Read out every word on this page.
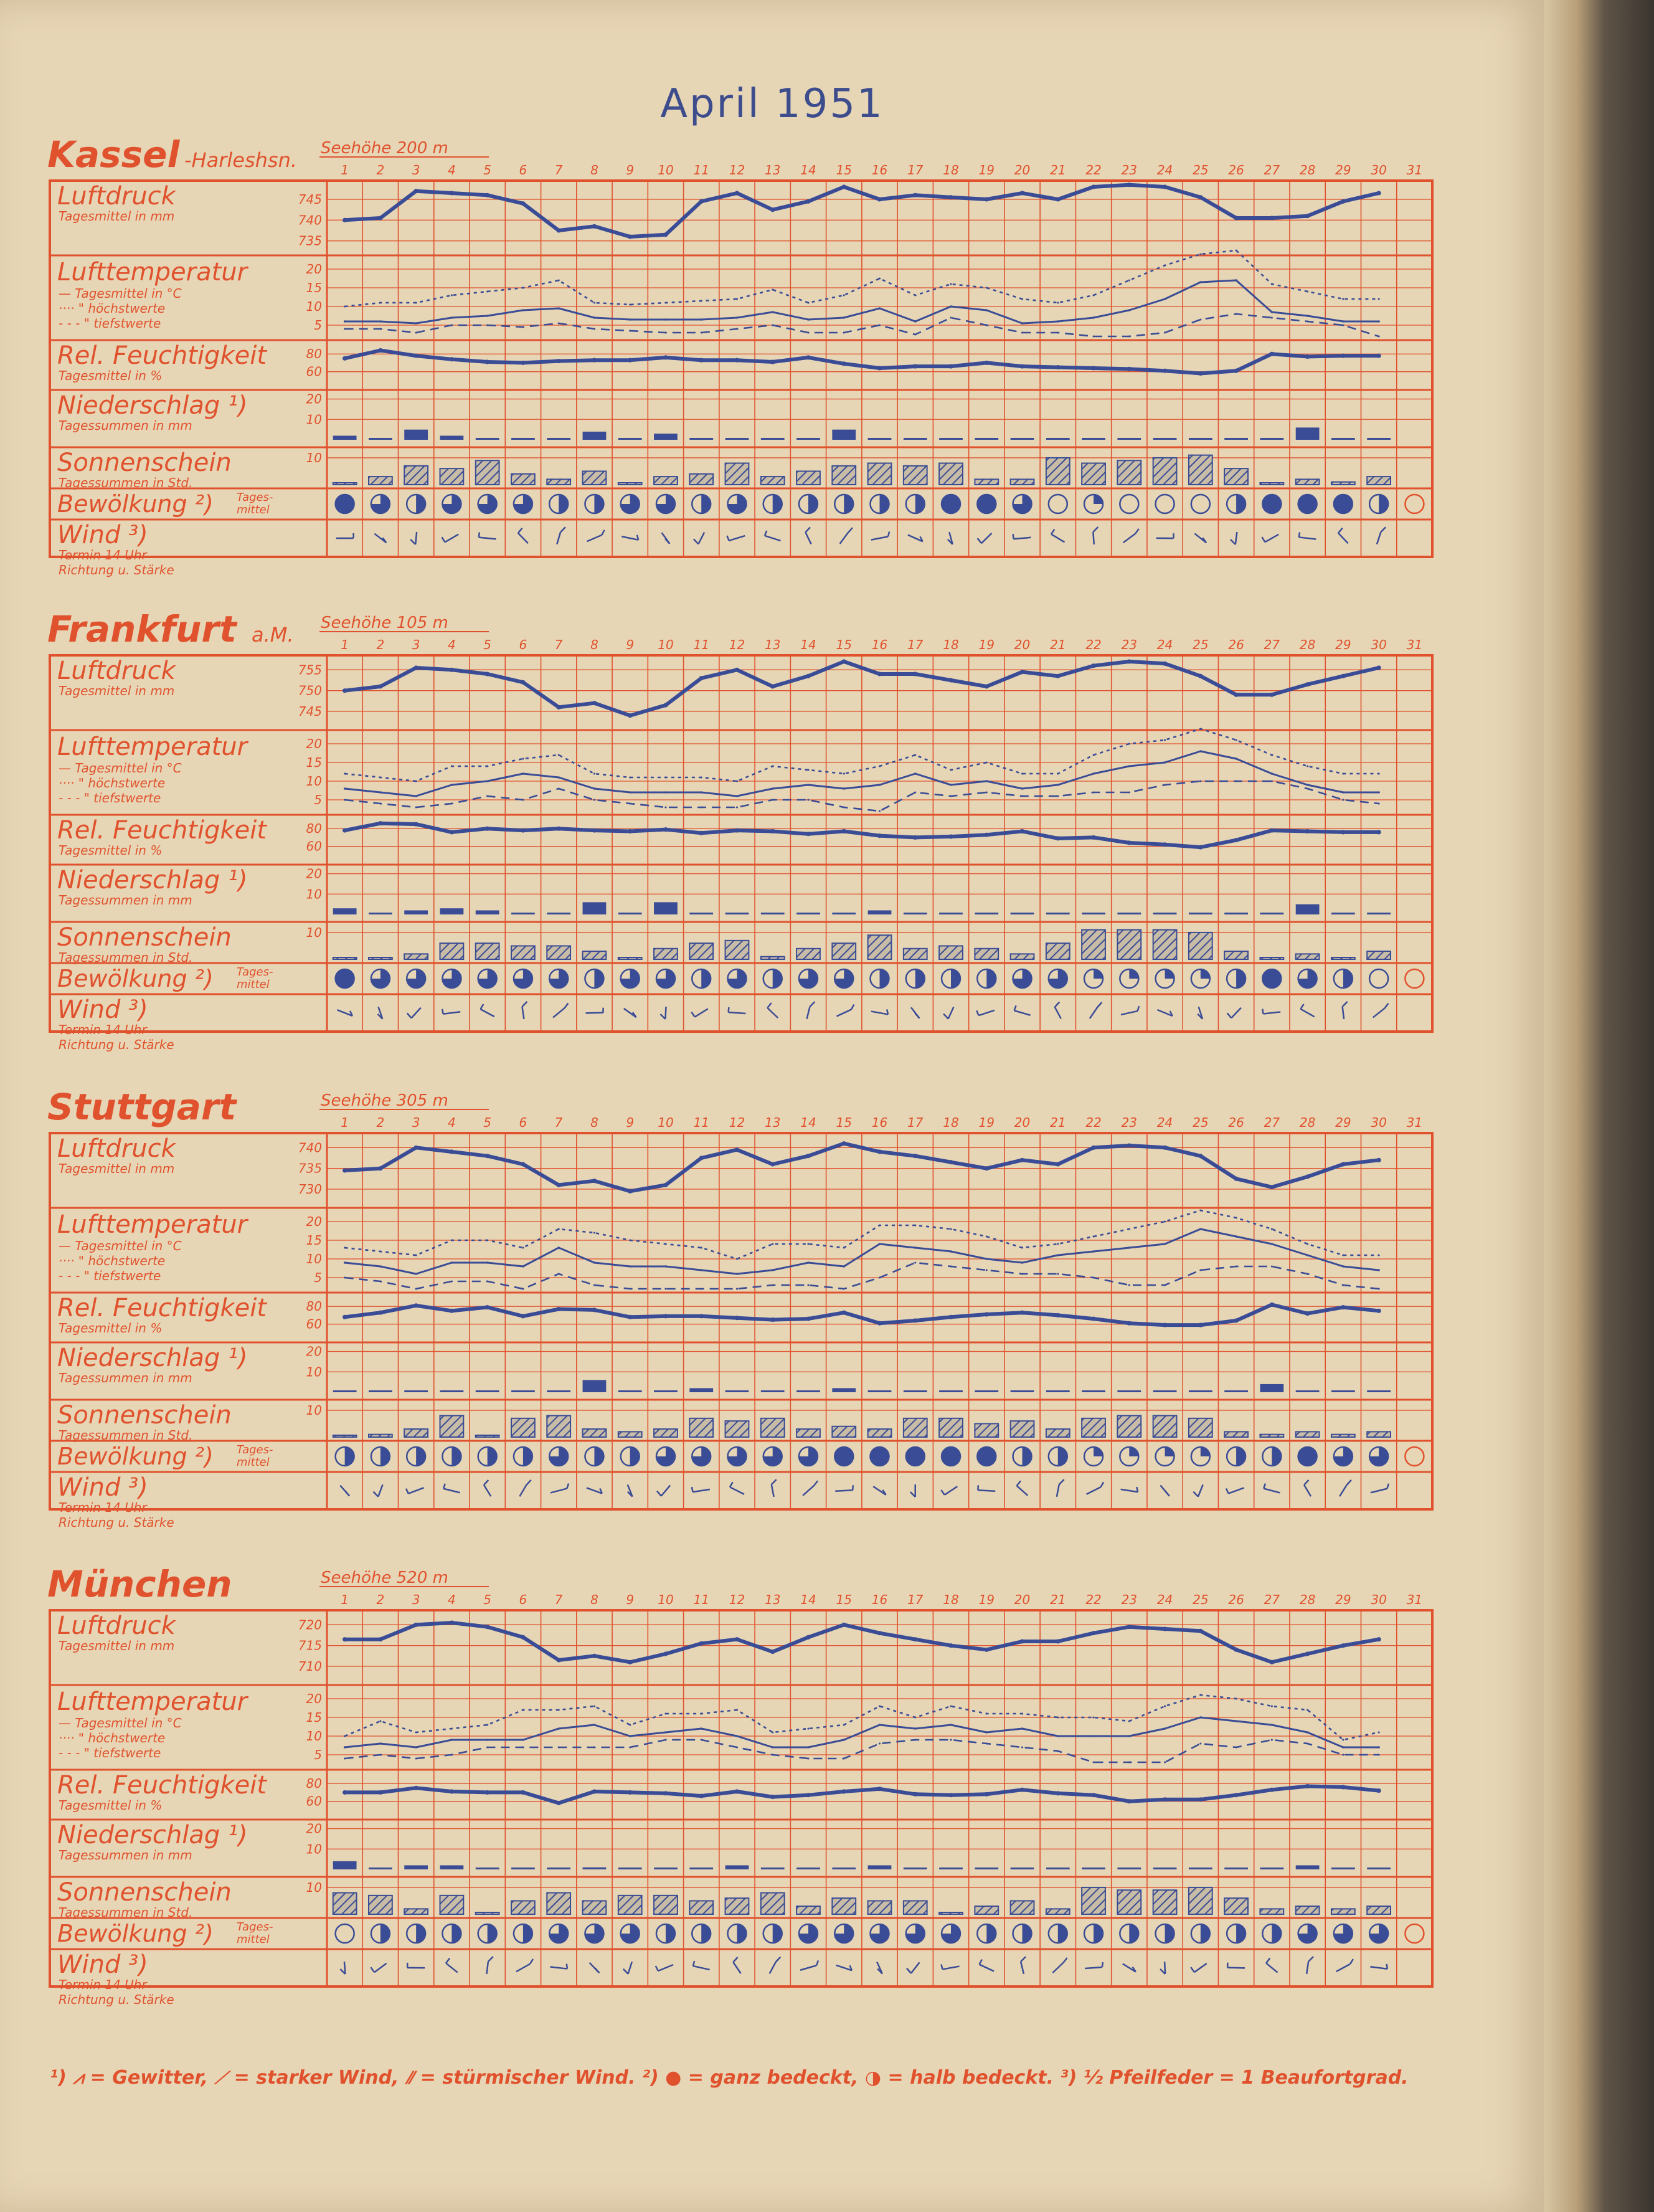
April 1951
Kassel -Harleshsn. Seehöhe 200 m
1 2 3 4 5 6 7 8 9 10 11 12 13 14 15 16 17 18 19 20 21 22 23 24 25 26 27 28 29 30 31
745
740
735
Luftdruck
Tagesmittel in mm
20
15
10
5
Lufttemperatur
— Tagesmittel in °C
···· " höchstwerte
- - - " tiefstwerte
80
60
Rel. Feuchtigkeit
Tagesmittel in %
20
10
Niederschlag ¹)
Tagessummen in mm
10
Sonnenschein
Tagessummen in Std.
Bewölkung ²) Tages-
mittel
Wind ³)
Termin 14 Uhr
Richtung u. Stärke
Frankfurt a.M. Seehöhe 105 m
1 2 3 4 5 6 7 8 9 10 11 12 13 14 15 16 17 18 19 20 21 22 23 24 25 26 27 28 29 30 31
755
750
745
Luftdruck
Tagesmittel in mm
20
15
10
5
Lufttemperatur
— Tagesmittel in °C
···· " höchstwerte
- - - " tiefstwerte
80
60
Rel. Feuchtigkeit
Tagesmittel in %
20
10
Niederschlag ¹)
Tagessummen in mm
10
Sonnenschein
Tagessummen in Std.
Bewölkung ²) Tages-
mittel
Wind ³)
Termin 14 Uhr
Richtung u. Stärke
Stuttgart	Seehöhe 305 m
1 2 3 4 5 6 7 8 9 10 11 12 13 14 15 16 17 18 19 20 21 22 23 24 25 26 27 28 29 30 31
740
735
730
Luftdruck
Tagesmittel in mm
20
15
10
5
Lufttemperatur
— Tagesmittel in °C
···· " höchstwerte
- - - " tiefstwerte
80
60
Rel. Feuchtigkeit
Tagesmittel in %
20
10
Niederschlag ¹)
Tagessummen in mm
10
Sonnenschein
Tagessummen in Std.
Bewölkung ²) Tages-
mittel
Wind ³)
Termin 14 Uhr
Richtung u. Stärke
München	Seehöhe 520 m
1 2 3 4 5 6 7 8 9 10 11 12 13 14 15 16 17 18 19 20 21 22 23 24 25 26 27 28 29 30 31
720
715
710
Luftdruck
Tagesmittel in mm
20
15
10
5
Lufttemperatur
— Tagesmittel in °C
···· " höchstwerte
- - - " tiefstwerte
80
60
Rel. Feuchtigkeit
Tagesmittel in %
20
10
Niederschlag ¹)
Tagessummen in mm
10
Sonnenschein
Tagessummen in Std.
Bewölkung ²) Tages-
mittel
Wind ³)
Termin 14 Uhr
Richtung u. Stärke
¹) ⩘ = Gewitter, ⟋ = starker Wind, ⫽ = stürmischer Wind. ²) ● = ganz bedeckt, ◑ = halb bedeckt. ³) ½ Pfeilfeder = 1 Beaufortgrad.
